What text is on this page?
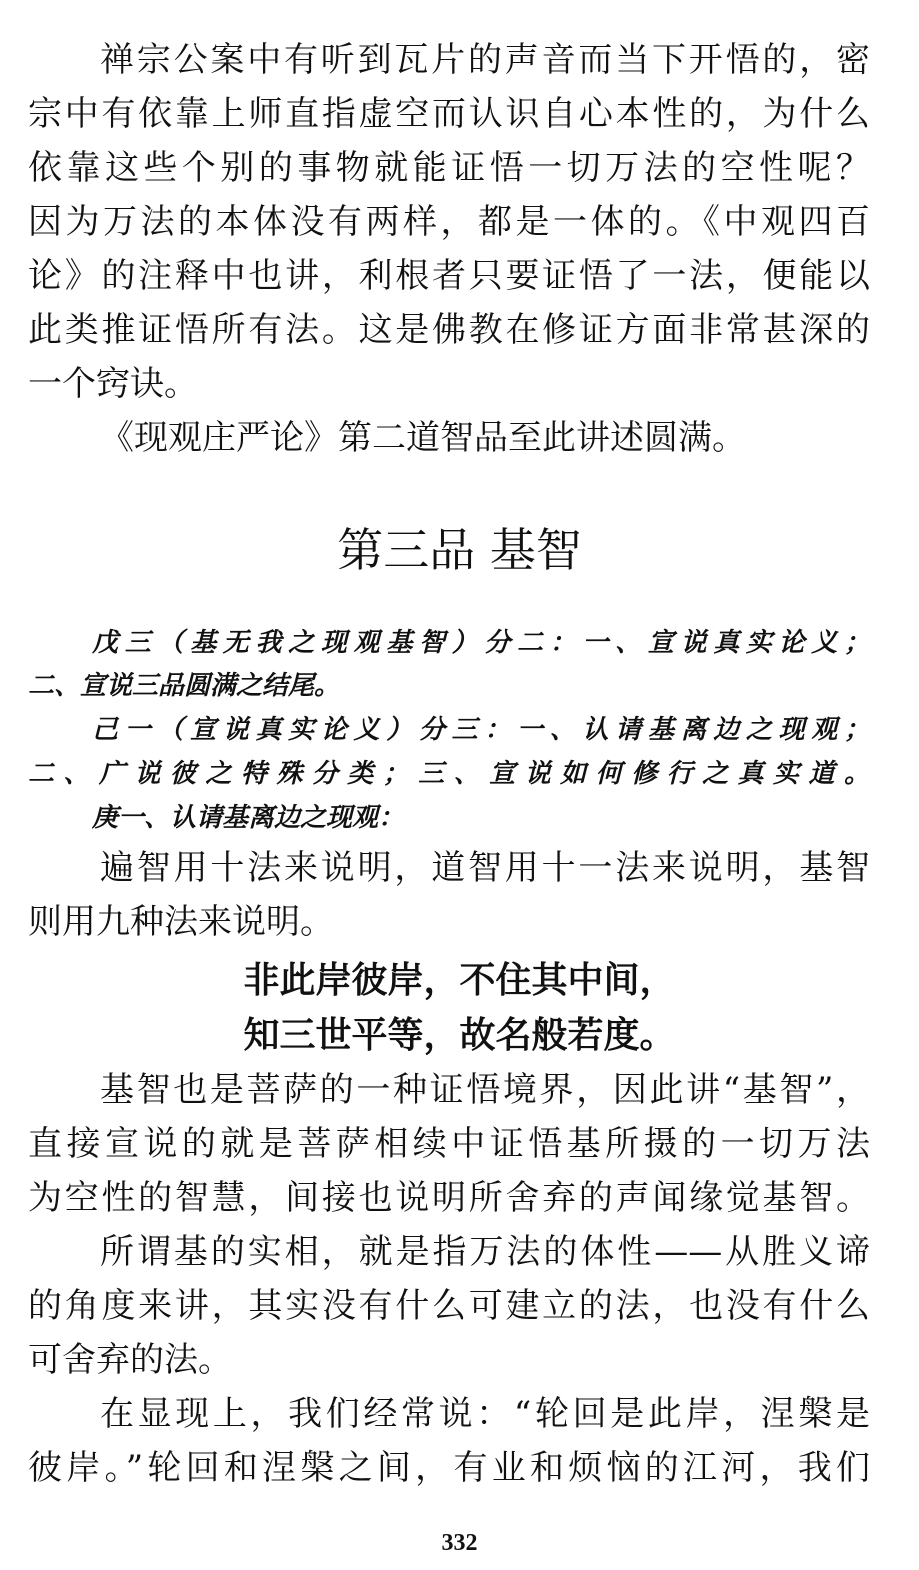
禅宗公案中有听到瓦片的声音而当下开悟的，密
宗中有依靠上师直指虚空而认识自心本性的，为什么
依靠这些个别的事物就能证悟一切万法的空性呢？
因为万法的本体没有两样，都是一体的。《中观四百
论》的注释中也讲，利根者只要证悟了一法，便能以
此类推证悟所有法。这是佛教在修证方面非常甚深的
一个窍诀。
《现观庄严论》第二道智品至此讲述圆满。
第三品 基智
戊三（基无我之现观基智）分二：一、宣说真实论义；
二、宣说三品圆满之结尾。
己一（宣说真实论义）分三：一、认请基离边之现观；
二、广说彼之特殊分类；三、宣说如何修行之真实道。
庚一、认请基离边之现观：
遍智用十法来说明，道智用十一法来说明，基智
则用九种法来说明。
非此岸彼岸，不住其中间，
知三世平等，故名般若度。
基智也是菩萨的一种证悟境界，因此讲“基智”，
直接宣说的就是菩萨相续中证悟基所摄的一切万法
为空性的智慧，间接也说明所舍弃的声闻缘觉基智。
所谓基的实相，就是指万法的体性——从胜义谛
的角度来讲，其实没有什么可建立的法，也没有什么
可舍弃的法。
在显现上，我们经常说：“轮回是此岸，涅槃是
彼岸。”轮回和涅槃之间，有业和烦恼的江河，我们
332
